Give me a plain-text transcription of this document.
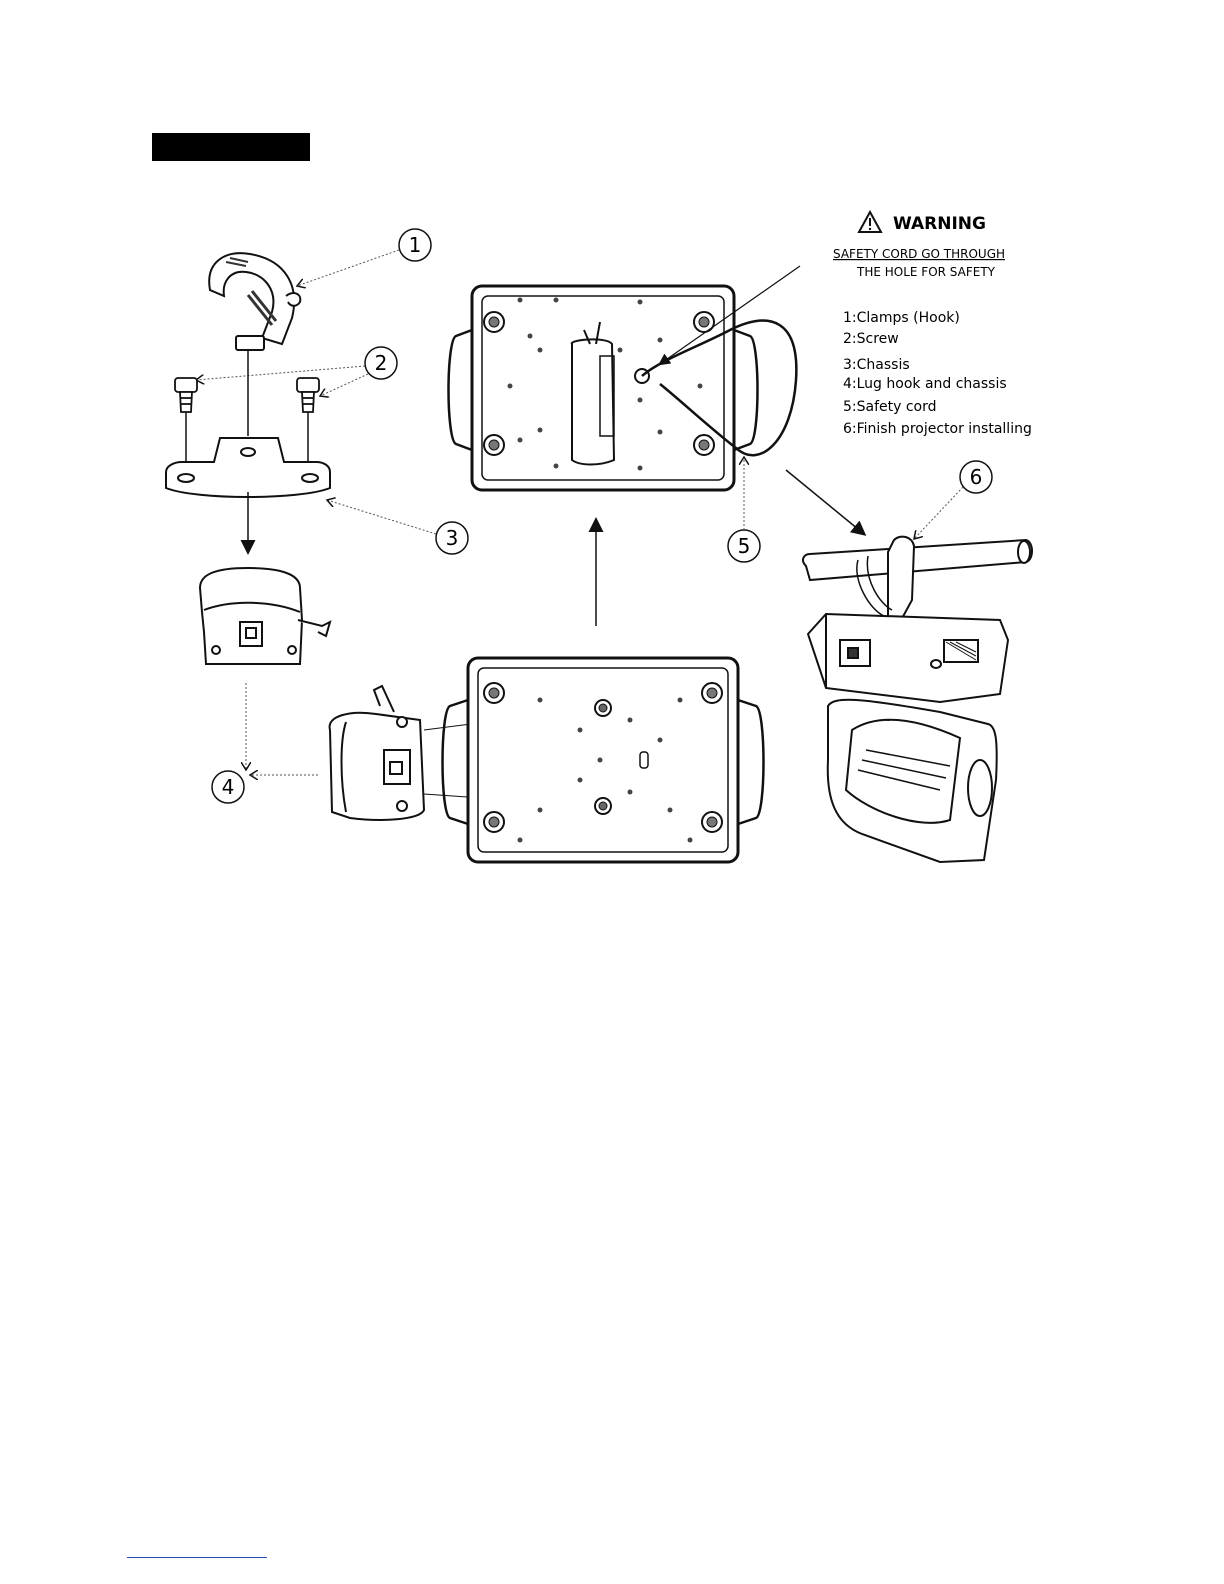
WARNING
SAFETY CORD GO THROUGH
THE HOLE FOR SAFETY
1:Clamps (Hook)
2:Screw
3:Chassis
4:Lug hook and chassis
5:Safety cord
6:Finish projector installing
1
2
3
4
5
6
